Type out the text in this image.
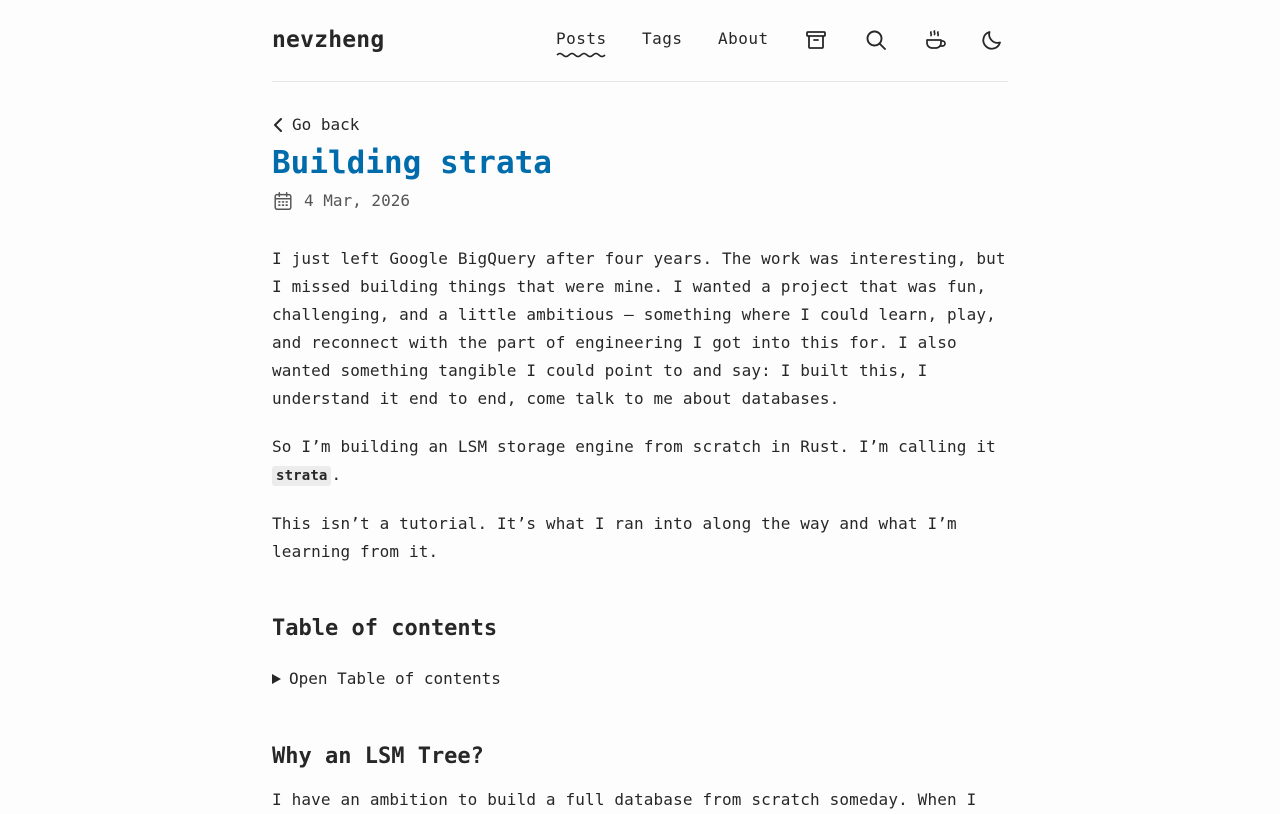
nevzheng	Posts Tags About
Go back
Building strata
4 Mar, 2026

I just left Google BigQuery after four years. The work was interesting, but I missed building things that were mine. I wanted a project that was fun, challenging, and a little ambitious — something where I could learn, play, and reconnect with the part of engineering I got into this for. I also wanted something tangible I could point to and say: I built this, I understand it end to end, come talk to me about databases.

So I’m building an LSM storage engine from scratch in Rust. I’m calling it strata .

This isn’t a tutorial. It’s what I ran into along the way and what I’m learning from it.

Table of contents
Open Table of contents
Why an LSM Tree?

I have an ambition to build a full database from scratch someday. When I
